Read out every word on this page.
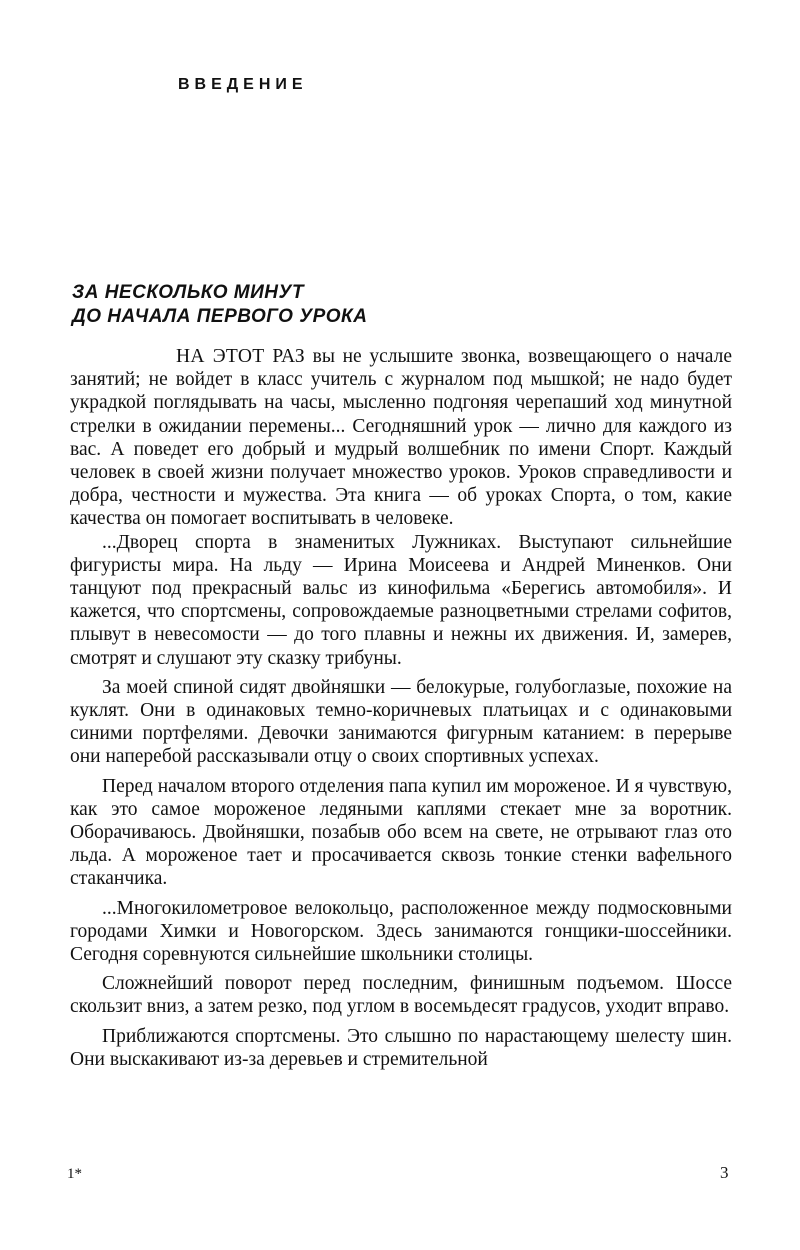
ВВЕДЕНИЕ
ЗА НЕСКОЛЬКО МИНУТ
ДО НАЧАЛА ПЕРВОГО УРОКА

НА ЭТОТ РАЗ вы не услышите звонка, возвещающего о начале занятий; не войдет в класс учитель с журналом под мышкой; не надо будет украдкой поглядывать на часы, мысленно подгоняя черепаший ход минутной стрелки в ожидании перемены... Сегодняшний урок — лично для каждого из вас. А поведет его добрый и мудрый волшебник по имени Спорт. Каждый человек в своей жизни получает множество уроков. Уроков справедливости и добра, честности и мужества. Эта книга — об уроках Спорта, о том, какие качества он помогает воспитывать в человеке.

...Дворец спорта в знаменитых Лужниках. Выступают сильнейшие фигуристы мира. На льду — Ирина Моисеева и Андрей Миненков. Они танцуют под прекрасный вальс из кинофильма «Берегись автомобиля». И кажется, что спортсмены, сопровождаемые разноцветными стрелами софитов, плывут в невесомости — до того плавны и нежны их движения. И, замерев, смотрят и слушают эту сказку трибуны.

За моей спиной сидят двойняшки — белокурые, голубоглазые, похожие на куклят. Они в одинаковых темно-коричневых платьицах и с одинаковыми синими портфелями. Девочки занимаются фигурным катанием: в перерыве они наперебой рассказывали отцу о своих спортивных успехах.

Перед началом второго отделения папа купил им мороженое. И я чувствую, как это самое мороженое ледяными каплями стекает мне за воротник. Оборачиваюсь. Двойняшки, позабыв обо всем на свете, не отрывают глаз ото льда. А мороженое тает и просачивается сквозь тонкие стенки вафельного стаканчика.

...Многокилометровое велокольцо, расположенное между подмосковными городами Химки и Новогорском. Здесь занимаются гонщики-шоссейники. Сегодня соревнуются сильнейшие школьники столицы.

Сложнейший поворот перед последним, финишным подъемом. Шоссе скользит вниз, а затем резко, под углом в восемьдесят градусов, уходит вправо.

Приближаются спортсмены. Это слышно по нарастающему шелесту шин. Они выскакивают из-за деревьев и стремительной

1*	3
